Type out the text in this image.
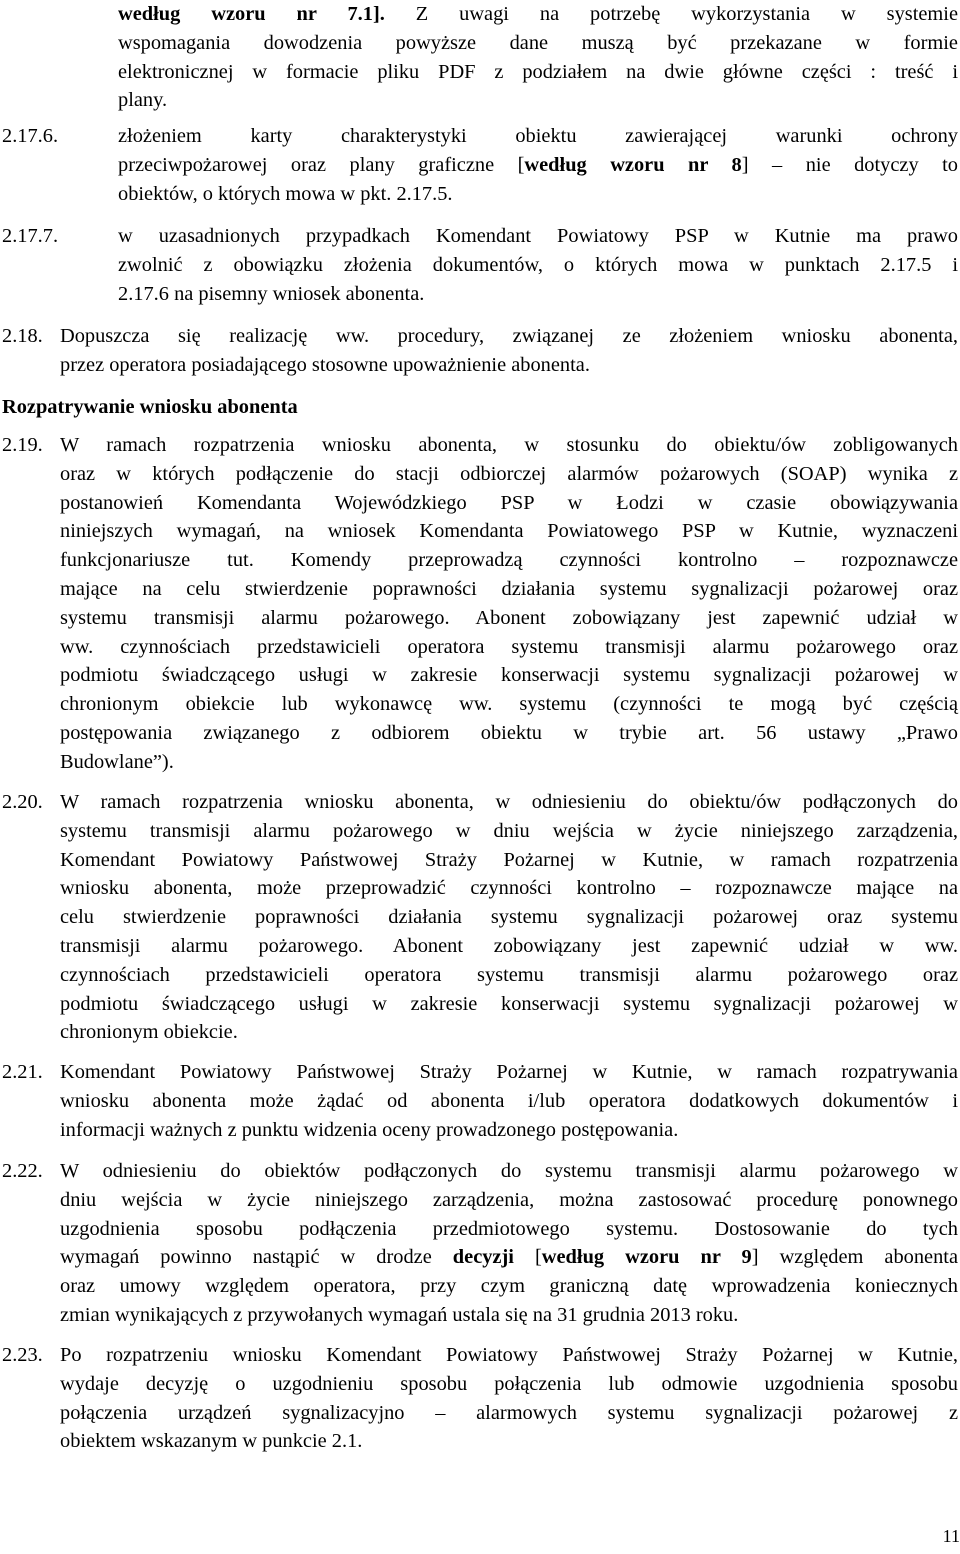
według wzoru nr 7.1]. Z uwagi na potrzebę wykorzystania w systemie
wspomagania dowodzenia powyższe dane muszą być przekazane w formie
elektronicznej w formacie pliku PDF z podziałem na dwie główne części : treść i
plany.
2.17.6.	złożeniem karty charakterystyki obiektu zawierającej warunki ochrony
przeciwpożarowej oraz plany graficzne [według wzoru nr 8] – nie dotyczy to
obiektów, o których mowa w pkt. 2.17.5.
2.17.7.	w uzasadnionych przypadkach Komendant Powiatowy PSP w Kutnie ma prawo
zwolnić z obowiązku złożenia dokumentów, o których mowa w punktach 2.17.5 i
2.17.6 na pisemny wniosek abonenta.
2.18. Dopuszcza się realizację ww. procedury, związanej ze złożeniem wniosku abonenta,
przez operatora posiadającego stosowne upoważnienie abonenta.
Rozpatrywanie wniosku abonenta
2.19. W ramach rozpatrzenia wniosku abonenta, w stosunku do obiektu/ów zobligowanych
oraz w których podłączenie do stacji odbiorczej alarmów pożarowych (SOAP) wynika z
postanowień Komendanta Wojewódzkiego PSP w Łodzi w czasie obowiązywania
niniejszych wymagań, na wniosek Komendanta Powiatowego PSP w Kutnie, wyznaczeni
funkcjonariusze tut. Komendy przeprowadzą czynności kontrolno – rozpoznawcze
mające na celu stwierdzenie poprawności działania systemu sygnalizacji pożarowej oraz
systemu transmisji alarmu pożarowego. Abonent zobowiązany jest zapewnić udział w
ww. czynnościach przedstawicieli operatora systemu transmisji alarmu pożarowego oraz
podmiotu świadczącego usługi w zakresie konserwacji systemu sygnalizacji pożarowej w
chronionym obiekcie lub wykonawcę ww. systemu (czynności te mogą być częścią
postępowania związanego z odbiorem obiektu w trybie art. 56 ustawy „Prawo
Budowlane”).
2.20. W ramach rozpatrzenia wniosku abonenta, w odniesieniu do obiektu/ów podłączonych do
systemu transmisji alarmu pożarowego w dniu wejścia w życie niniejszego zarządzenia,
Komendant Powiatowy Państwowej Straży Pożarnej w Kutnie, w ramach rozpatrzenia
wniosku abonenta, może przeprowadzić czynności kontrolno – rozpoznawcze mające na
celu stwierdzenie poprawności działania systemu sygnalizacji pożarowej oraz systemu
transmisji alarmu pożarowego. Abonent zobowiązany jest zapewnić udział w ww.
czynnościach przedstawicieli operatora systemu transmisji alarmu pożarowego oraz
podmiotu świadczącego usługi w zakresie konserwacji systemu sygnalizacji pożarowej w
chronionym obiekcie.
2.21. Komendant Powiatowy Państwowej Straży Pożarnej w Kutnie, w ramach rozpatrywania
wniosku abonenta może żądać od abonenta i/lub operatora dodatkowych dokumentów i
informacji ważnych z punktu widzenia oceny prowadzonego postępowania.
2.22. W odniesieniu do obiektów podłączonych do systemu transmisji alarmu pożarowego w
dniu wejścia w życie niniejszego zarządzenia, można zastosować procedurę ponownego
uzgodnienia sposobu podłączenia przedmiotowego systemu. Dostosowanie do tych
wymagań powinno nastąpić w drodze decyzji [według wzoru nr 9] względem abonenta
oraz umowy względem operatora, przy czym graniczną datę wprowadzenia koniecznych
zmian wynikających z przywołanych wymagań ustala się na 31 grudnia 2013 roku.
2.23. Po rozpatrzeniu wniosku Komendant Powiatowy Państwowej Straży Pożarnej w Kutnie,
wydaje decyzję o uzgodnieniu sposobu połączenia lub odmowie uzgodnienia sposobu
połączenia urządzeń sygnalizacyjno – alarmowych systemu sygnalizacji pożarowej z
obiektem wskazanym w punkcie 2.1.
11
